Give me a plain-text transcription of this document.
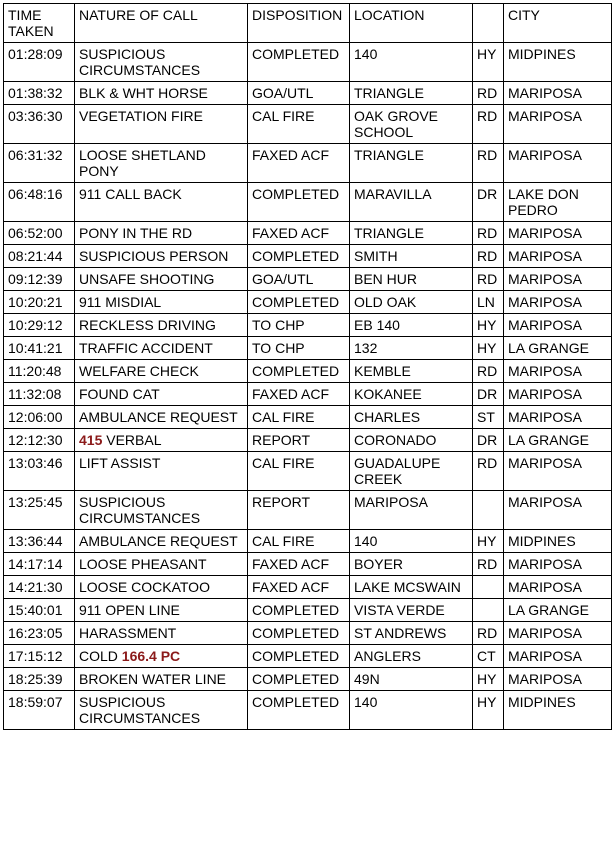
TIME TAKEN	NATURE OF CALL	DISPOSITION	LOCATION		CITY
01:28:09	SUSPICIOUS CIRCUMSTANCES	COMPLETED	140	HY	MIDPINES
01:38:32	BLK & WHT HORSE	GOA/UTL	TRIANGLE	RD	MARIPOSA
03:36:30	VEGETATION FIRE	CAL FIRE	OAK GROVE SCHOOL	RD	MARIPOSA
06:31:32	LOOSE SHETLAND PONY	FAXED ACF	TRIANGLE	RD	MARIPOSA
06:48:16	911 CALL BACK	COMPLETED	MARAVILLA	DR	LAKE DON PEDRO
06:52:00	PONY IN THE RD	FAXED ACF	TRIANGLE	RD	MARIPOSA
08:21:44	SUSPICIOUS PERSON	COMPLETED	SMITH	RD	MARIPOSA
09:12:39	UNSAFE SHOOTING	GOA/UTL	BEN HUR	RD	MARIPOSA
10:20:21	911 MISDIAL	COMPLETED	OLD OAK	LN	MARIPOSA
10:29:12	RECKLESS DRIVING	TO CHP	EB 140	HY	MARIPOSA
10:41:21	TRAFFIC ACCIDENT	TO CHP	132	HY	LA GRANGE
11:20:48	WELFARE CHECK	COMPLETED	KEMBLE	RD	MARIPOSA
11:32:08	FOUND CAT	FAXED ACF	KOKANEE	DR	MARIPOSA
12:06:00	AMBULANCE REQUEST	CAL FIRE	CHARLES	ST	MARIPOSA
12:12:30	415 VERBAL	REPORT	CORONADO	DR	LA GRANGE
13:03:46	LIFT ASSIST	CAL FIRE	GUADALUPE CREEK	RD	MARIPOSA
13:25:45	SUSPICIOUS CIRCUMSTANCES	REPORT	MARIPOSA		MARIPOSA
13:36:44	AMBULANCE REQUEST	CAL FIRE	140	HY	MIDPINES
14:17:14	LOOSE PHEASANT	FAXED ACF	BOYER	RD	MARIPOSA
14:21:30	LOOSE COCKATOO	FAXED ACF	LAKE MCSWAIN		MARIPOSA
15:40:01	911 OPEN LINE	COMPLETED	VISTA VERDE		LA GRANGE
16:23:05	HARASSMENT	COMPLETED	ST ANDREWS	RD	MARIPOSA
17:15:12	COLD 166.4 PC	COMPLETED	ANGLERS	CT	MARIPOSA
18:25:39	BROKEN WATER LINE	COMPLETED	49N	HY	MARIPOSA
18:59:07	SUSPICIOUS CIRCUMSTANCES	COMPLETED	140	HY	MIDPINES
